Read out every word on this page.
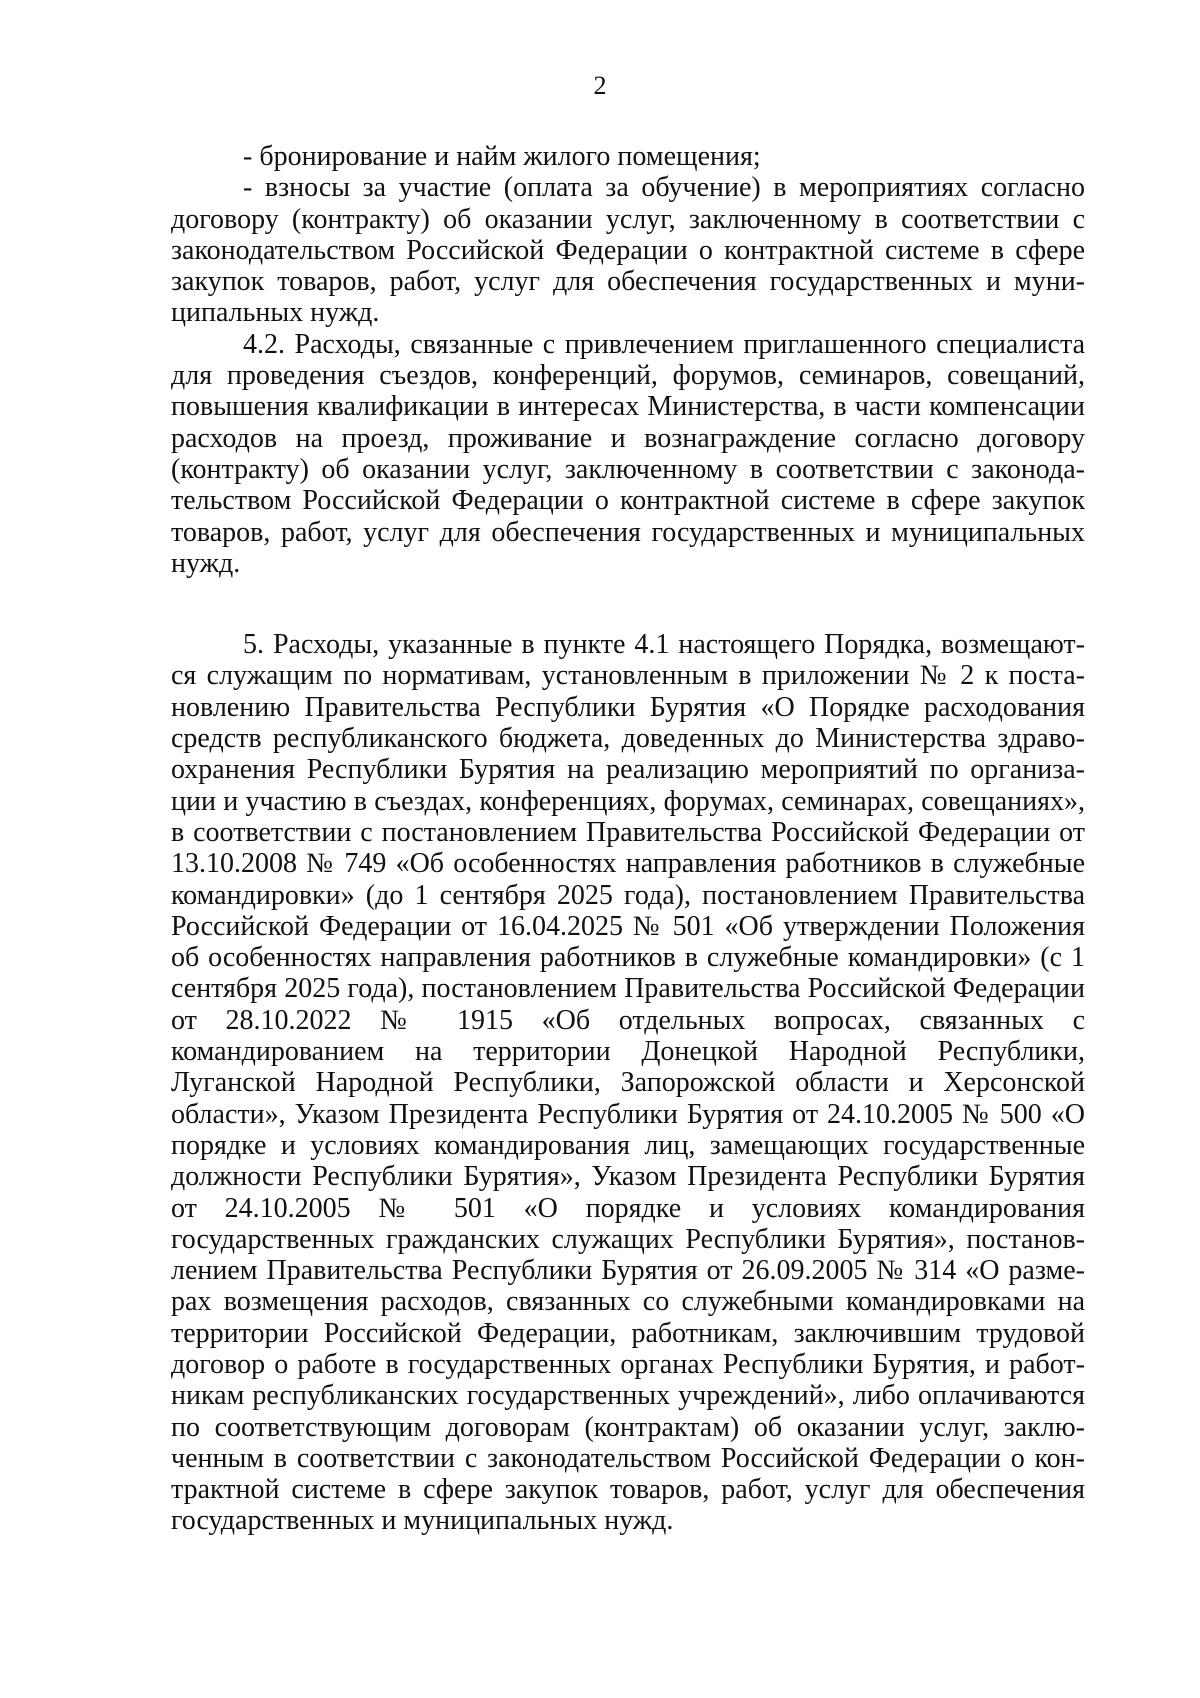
2

- бронирование и найм жилого помещения;

- взносы за участие (оплата за обучение) в мероприятиях согласно договору (контракту) об оказании услуг, заключенному в соответствии с законодательством Российской Федерации о контрактной системе в сфере закупок товаров, работ, услуг для обеспечения государственных и муниципальных нужд.

4.2. Расходы, связанные с привлечением приглашенного специалиста для проведения съездов, конференций, форумов, семинаров, совещаний, повышения квалификации в интересах Министерства, в части компенсации расходов на проезд, проживание и вознаграждение согласно договору (контракту) об оказании услуг, заключенному в соответствии с законодательством Российской Федерации о контрактной системе в сфере закупок товаров, работ, услуг для обеспечения государственных и муниципальных нужд.

5. Расходы, указанные в пункте 4.1 настоящего Порядка, возмещаются служащим по нормативам, установленным в приложении № 2 к постановлению Правительства Республики Бурятия «О Порядке расходования средств республиканского бюджета, доведенных до Министерства здравоохранения Республики Бурятия на реализацию мероприятий по организации и участию в съездах, конференциях, форумах, семинарах, совещаниях», в соответствии с постановлением Правительства Российской Федерации от 13.10.2008 № 749 «Об особенностях направления работников в служебные командировки» (до 1 сентября 2025 года), постановлением Правительства Российской Федерации от 16.04.2025 № 501 «Об утверждении Положения об особенностях направления работников в служебные командировки» (с 1 сентября 2025 года), постановлением Правительства Российской Федерации от 28.10.2022 № 1915 «Об отдельных вопросах, связанных с командированием на территории Донецкой Народной Республики, Луганской Народной Республики, Запорожской области и Херсонской области», Указом Президента Республики Бурятия от 24.10.2005 № 500 «О порядке и условиях командирования лиц, замещающих государственные должности Республики Бурятия», Указом Президента Республики Бурятия от 24.10.2005 № 501 «О порядке и условиях командирования государственных гражданских служащих Республики Бурятия», постановлением Правительства Республики Бурятия от 26.09.2005 № 314 «О размерах возмещения расходов, связанных со служебными командировками на территории Российской Федерации, работникам, заключившим трудовой договор о работе в государственных органах Республики Бурятия, и работникам республиканских государственных учреждений», либо оплачиваются по соответствующим договорам (контрактам) об оказании услуг, заключенным в соответствии с законодательством Российской Федерации о контрактной системе в сфере закупок товаров, работ, услуг для обеспечения государственных и муниципальных нужд.
